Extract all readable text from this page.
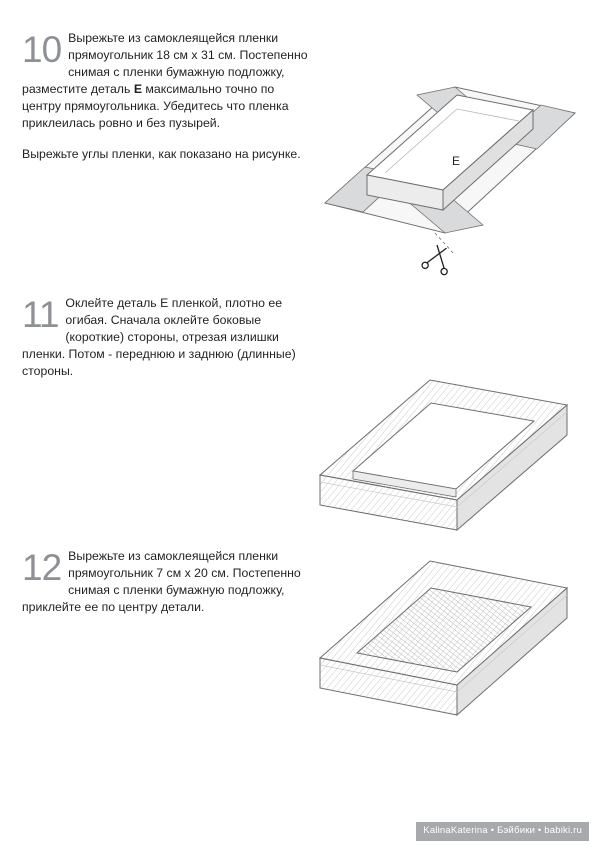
10 Вырежьте из самоклеящейся пленки прямоугольник 18 см x 31 см. Постепенно снимая с пленки бумажную подложку, разместите деталь E максимально точно по центру прямоугольника. Убедитесь что пленка приклеилась ровно и без пузырей.

Вырежьте углы пленки, как показано на рисунке.

E
11 Оклейте деталь E пленкой, плотно ее огибая. Сначала оклейте боковые (короткие) стороны, отрезая излишки пленки. Потом - переднюю и заднюю (длинные) стороны.

12 Вырежьте из самоклеящейся пленки прямоугольник 7 см x 20 см. Постепенно снимая с пленки бумажную подложку, приклейте ее по центру детали.

KalinaKaterina • Бэйбики • babiki.ru
